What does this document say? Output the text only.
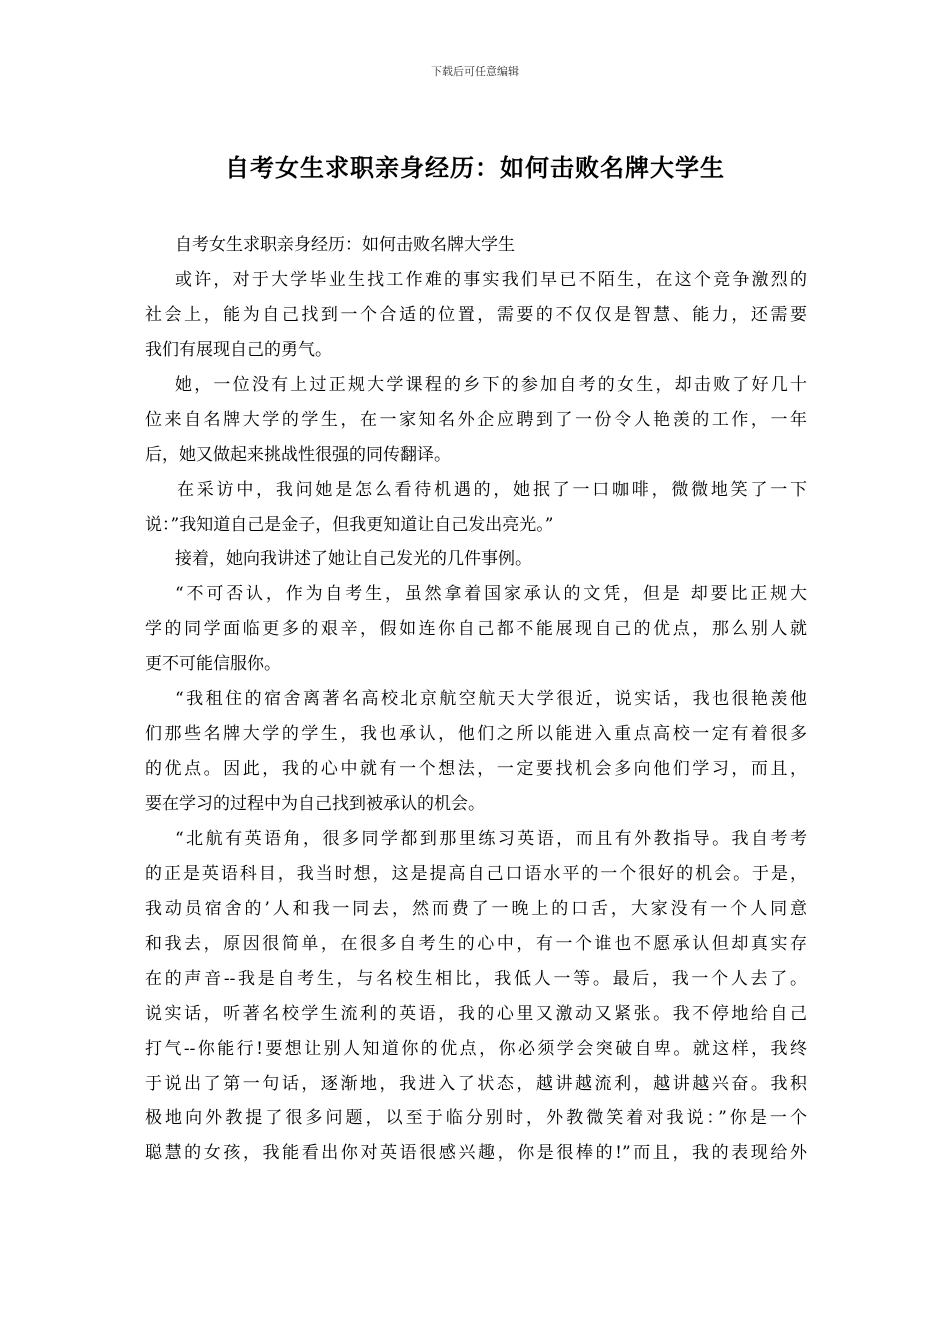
下载后可任意编辑
自考女生求职亲身经历：如何击败名牌大学生
自考女生求职亲身经历：如何击败名牌大学生
或许，对于大学毕业生找工作难的事实我们早已不陌生，在这个竞争激烈的
社会上，能为自己找到一个合适的位置，需要的不仅仅是智慧、能力，还需要
我们有展现自己的勇气。
她，一位没有上过正规大学课程的乡下的参加自考的女生，却击败了好几十
位来自名牌大学的学生，在一家知名外企应聘到了一份令人艳羡的工作，一年
后，她又做起来挑战性很强的同传翻译。
在采访中，我问她是怎么看待机遇的，她抿了一口咖啡，微微地笑了一下
说：”我知道自己是金子，但我更知道让自己发出亮光。”
接着，她向我讲述了她让自己发光的几件事例。
“不可否认，作为自考生，虽然拿着国家承认的文凭，但是 却要比正规大
学的同学面临更多的艰辛，假如连你自己都不能展现自己的优点，那么别人就
更不可能信服你。
“我租住的宿舍离著名高校北京航空航天大学很近，说实话，我也很艳羡他
们那些名牌大学的学生，我也承认，他们之所以能进入重点高校一定有着很多
的优点。因此，我的心中就有一个想法，一定要找机会多向他们学习，而且，
要在学习的过程中为自己找到被承认的机会。
“北航有英语角，很多同学都到那里练习英语，而且有外教指导。我自考考
的正是英语科目，我当时想，这是提高自己口语水平的一个很好的机会。于是，
我动员宿舍的’人和我一同去，然而费了一晚上的口舌，大家没有一个人同意
和我去，原因很简单，在很多自考生的心中，有一个谁也不愿承认但却真实存
在的声音--我是自考生，与名校生相比，我低人一等。最后，我一个人去了。
说实话，听著名校学生流利的英语，我的心里又激动又紧张。我不停地给自己
打气--你能行!要想让别人知道你的优点，你必须学会突破自卑。就这样，我终
于说出了第一句话，逐渐地，我进入了状态，越讲越流利，越讲越兴奋。我积
极地向外教提了很多问题，以至于临分别时，外教微笑着对我说：”你是一个
聪慧的女孩，我能看出你对英语很感兴趣，你是很棒的!”而且，我的表现给外
